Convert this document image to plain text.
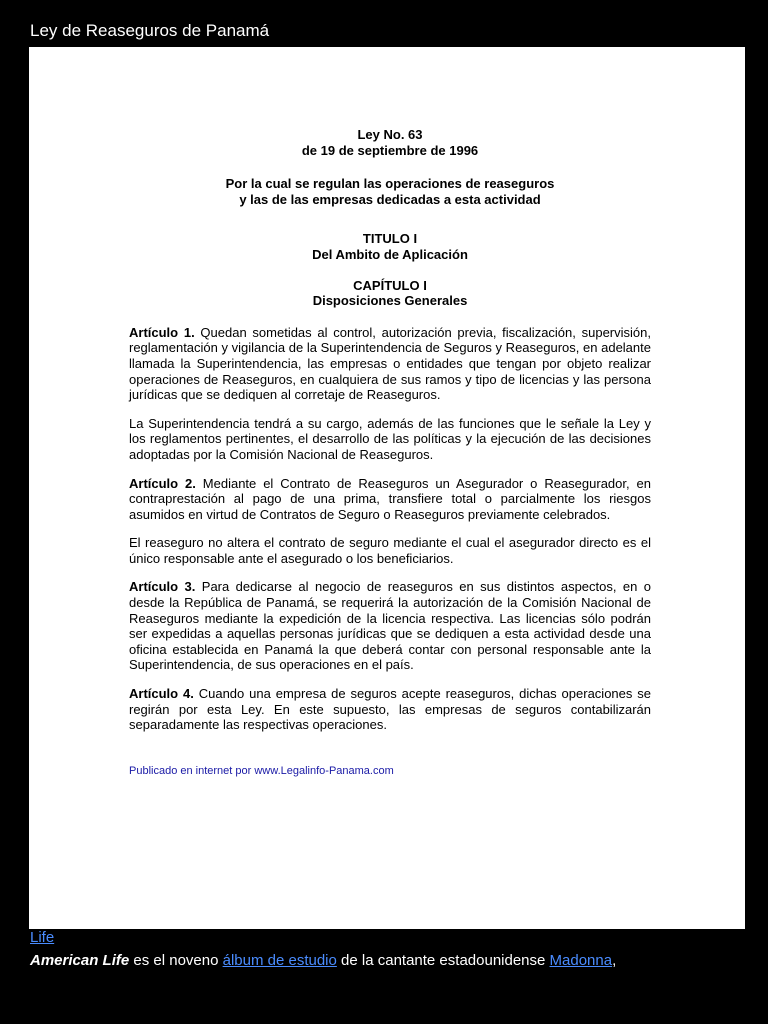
Ley de Reaseguros de Panamá

Ley No. 63

de 19 de septiembre de 1996

Por la cual se regulan las operaciones de reaseguros

y las de las empresas dedicadas a esta actividad

TITULO I

Del Ambito de Aplicación

CAPÍTULO I

Disposiciones Generales

Artículo 1. Quedan sometidas al control, autorización previa, fiscalización, supervisión, reglamentación y vigilancia de la Superintendencia de Seguros y Reaseguros, en adelante llamada la Superintendencia, las empresas o entidades que tengan por objeto realizar operaciones de Reaseguros, en cualquiera de sus ramos y tipo de licencias y las persona jurídicas que se dediquen al corretaje de Reaseguros.

La Superintendencia tendrá a su cargo, además de las funciones que le señale la Ley y los reglamentos pertinentes, el desarrollo de las políticas y la ejecución de las decisiones adoptadas por la Comisión Nacional de Reaseguros.

Artículo 2. Mediante el Contrato de Reaseguros un Asegurador o Reasegurador, en contraprestación al pago de una prima, transfiere total o parcialmente los riesgos asumidos en virtud de Contratos de Seguro o Reaseguros previamente celebrados.

El reaseguro no altera el contrato de seguro mediante el cual el asegurador directo es el único responsable ante el asegurado o los beneficiarios.

Artículo 3. Para dedicarse al negocio de reaseguros en sus distintos aspectos, en o desde la República de Panamá, se requerirá la autorización de la Comisión Nacional de Reaseguros mediante la expedición de la licencia respectiva. Las licencias sólo podrán ser expedidas a aquellas personas jurídicas que se dediquen a esta actividad desde una oficina establecida en Panamá la que deberá contar con personal responsable ante la Superintendencia, de sus operaciones en el país.

Artículo 4. Cuando una empresa de seguros acepte reaseguros, dichas operaciones se regirán por esta Ley. En este supuesto, las empresas de seguros contabilizarán separadamente las respectivas operaciones.

Publicado en internet por www.Legalinfo-Panama.com

Life
American Life es el noveno álbum de estudio de la cantante estadounidense Madonna,
